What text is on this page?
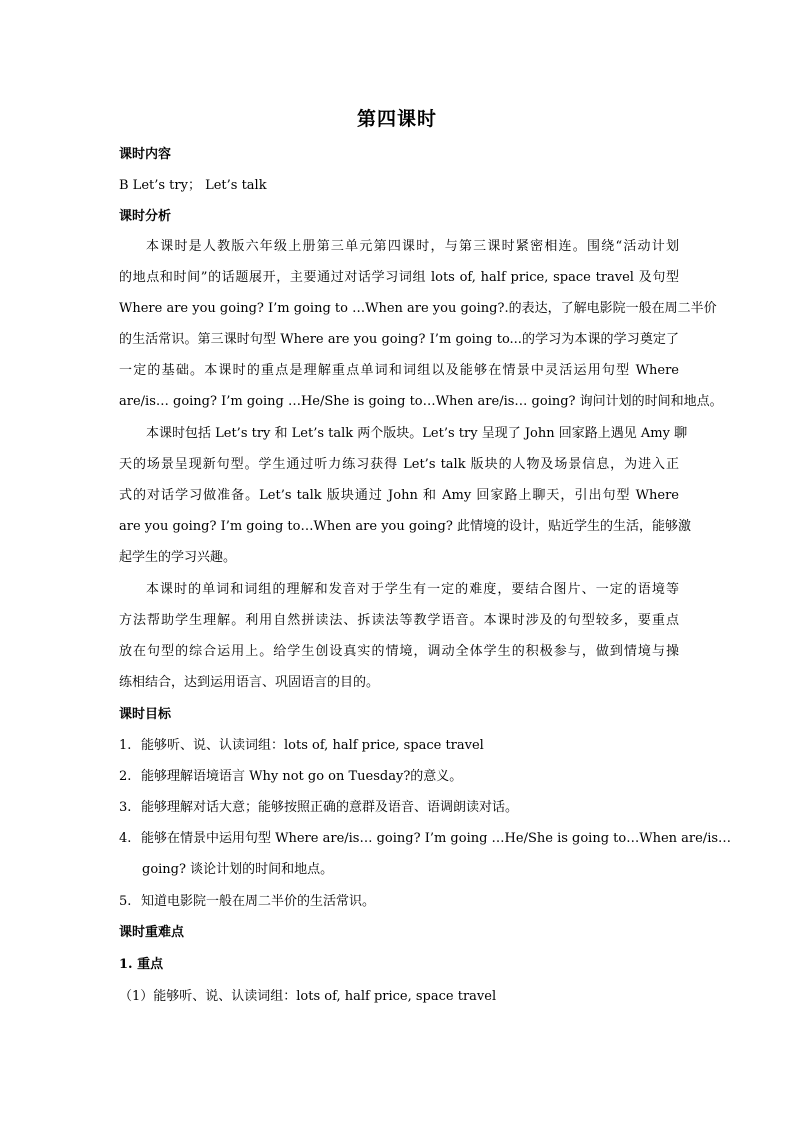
第四课时
课时内容
B Let’s try； Let’s talk
课时分析
本课时是人教版六年级上册第三单元第四课时，与第三课时紧密相连。围绕“活动计划
的地点和时间”的话题展开，主要通过对话学习词组 lots of, half price, space travel 及句型
Where are you going? I’m going to …When are you going?.的表达，了解电影院一般在周二半价
的生活常识。第三课时句型 Where are you going? I’m going to...的学习为本课的学习奠定了
一定的基础。本课时的重点是理解重点单词和词组以及能够在情景中灵活运用句型 Where
are/is… going? I’m going …He/She is going to…When are/is… going? 询问计划的时间和地点。
本课时包括 Let’s try 和 Let’s talk 两个版块。Let’s try 呈现了 John 回家路上遇见 Amy 聊
天的场景呈现新句型。学生通过听力练习获得 Let’s talk 版块的人物及场景信息，为进入正
式的对话学习做准备。Let’s talk 版块通过 John 和 Amy 回家路上聊天，引出句型 Where
are you going? I’m going to…When are you going? 此情境的设计，贴近学生的生活，能够激
起学生的学习兴趣。
本课时的单词和词组的理解和发音对于学生有一定的难度，要结合图片、一定的语境等
方法帮助学生理解。利用自然拼读法、拆读法等教学语音。本课时涉及的句型较多，要重点
放在句型的综合运用上。给学生创设真实的情境，调动全体学生的积极参与，做到情境与操
练相结合，达到运用语言、巩固语言的目的。
课时目标
1. 能够听、说、认读词组：lots of, half price, space travel
2. 能够理解语境语言 Why not go on Tuesday?的意义。
3. 能够理解对话大意；能够按照正确的意群及语音、语调朗读对话。
4. 能够在情景中运用句型 Where are/is… going? I’m going …He/She is going to…When are/is…
going? 谈论计划的时间和地点。
5. 知道电影院一般在周二半价的生活常识。
课时重难点
1. 重点
（1）能够听、说、认读词组：lots of, half price, space travel
